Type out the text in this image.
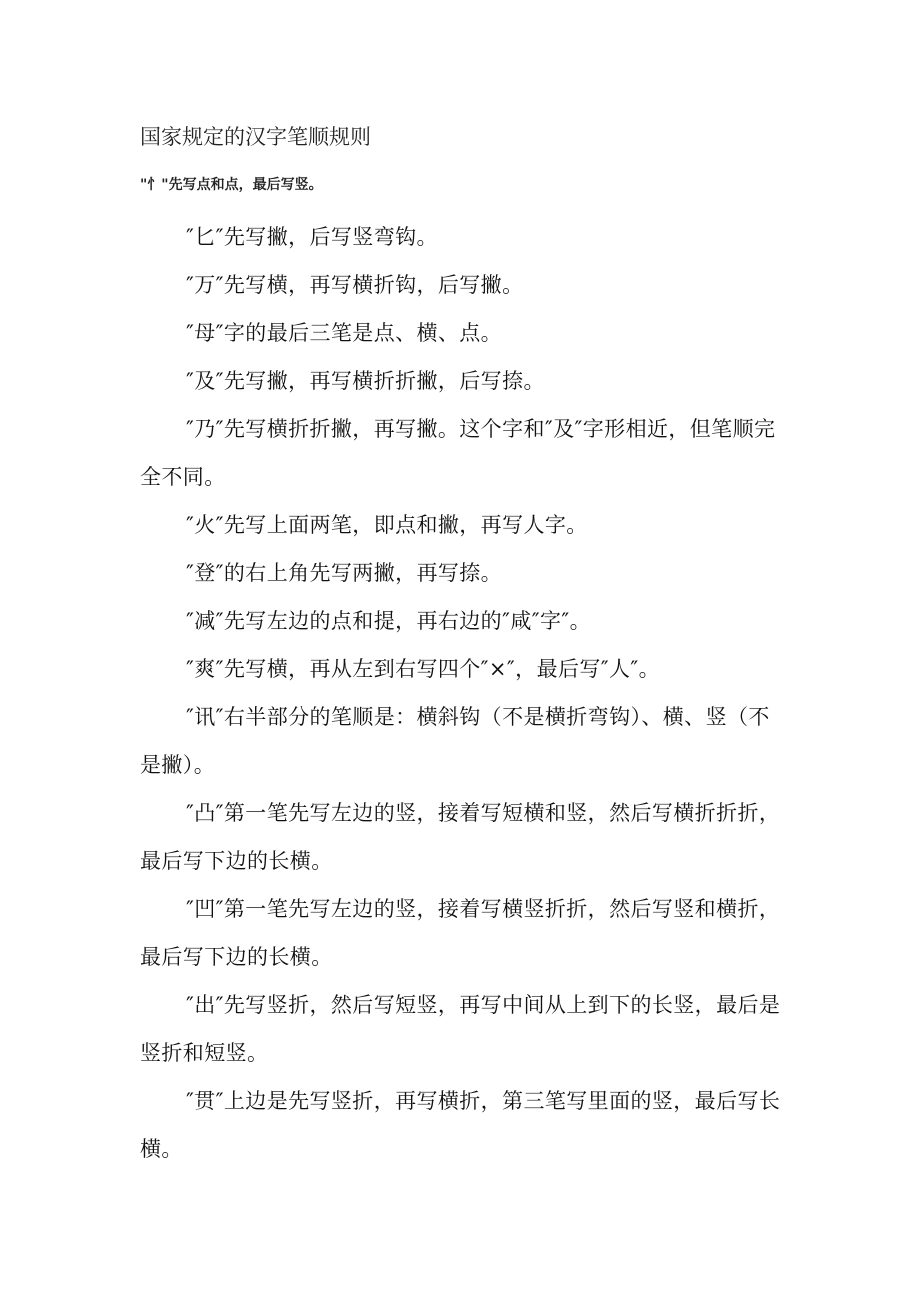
国家规定的汉字笔顺规则
"忄"先写点和点，最后写竖。

″匕″先写撇，后写竖弯钩。

″万″先写横，再写横折钩，后写撇。

″母″字的最后三笔是点、横、点。

″及″先写撇，再写横折折撇，后写捺。

″乃″先写横折折撇，再写撇。这个字和″及″字形相近，但笔顺完全不同。

″火″先写上面两笔，即点和撇，再写人字。

″登″的右上角先写两撇，再写捺。

″减″先写左边的点和提，再右边的″咸″字″。

″爽″先写横，再从左到右写四个″×″，最后写″人″。

″讯″右半部分的笔顺是：横斜钩（不是横折弯钩）、横、竖（不是撇）。

″凸″第一笔先写左边的竖，接着写短横和竖，然后写横折折折，最后写下边的长横。

″凹″第一笔先写左边的竖，接着写横竖折折，然后写竖和横折，最后写下边的长横。

″出″先写竖折，然后写短竖，再写中间从上到下的长竖，最后是竖折和短竖。

″贯″上边是先写竖折，再写横折，第三笔写里面的竖，最后写长横。
